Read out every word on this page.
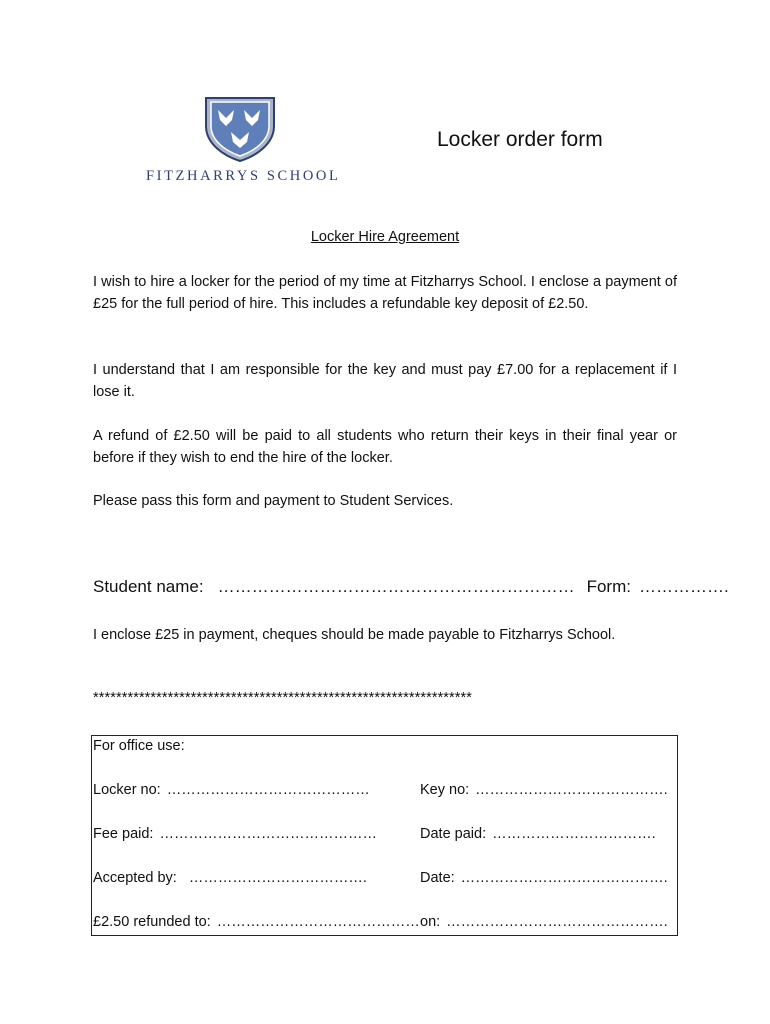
FITZHARRYS SCHOOL
Locker order form
Locker Hire Agreement

I wish to hire a locker for the period of my time at Fitzharrys School. I enclose a payment of £25 for the full period of hire. This includes a refundable key deposit of £2.50.

I understand that I am responsible for the key and must pay £7.00 for a replacement if I lose it.

A refund of £2.50 will be paid to all students who return their keys in their final year or before if they wish to end the hire of the locker.

Please pass this form and payment to Student Services.

Student name: ……………………………………………………… Form: …………….

I enclose £25 in payment, cheques should be made payable to Fitzharrys School.

******************************************************************
For office use:
Locker no: ……………………………………	Key no: ………………………………….
Fee paid: ………………………………………	Date paid: …………………………….
Accepted by: ……………………………….	Date: …………………………………….
£2.50 refunded to: …………………………………… on: ……………………………………….
